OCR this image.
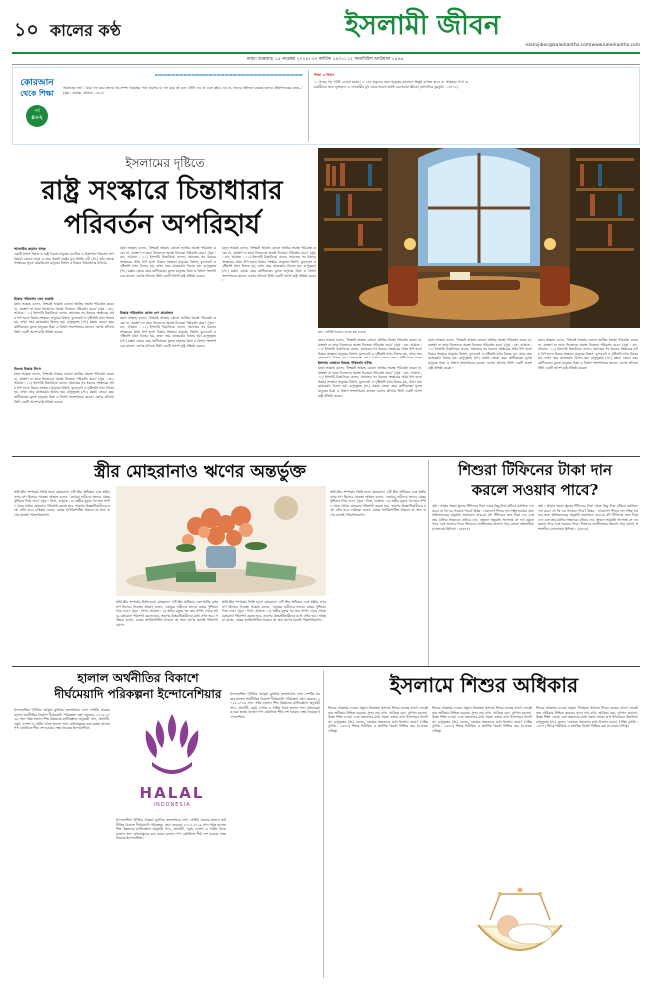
১০ কালের কণ্ঠ	ইসলামী জীবন
islamijibon@kalerkantho.com|www.kalerkantho.com
ঢাকা। শুক্রবার। ১৫ নভেম্বর ২০২৪। ৩০ কার্তিক ১৪৩১। ১২ জমাদিউল আউয়াল ১৪৪৬
কোরআন
থেকে শিক্ষা
পর্ব
৪০২
━━━━━━━━━━━━━━━━━━━━━━━━━━━━━━━━━━━━
আয়াতের অর্থ : 'যারা দান করে তাদের ধন-সম্পদ আল্লাহর পথে তারপর যা দান করে তা বলে খোঁটা দেয় না এবং কষ্টও দেয় না, তাদের প্রতিদান রয়েছে তাদের প্রতিপালকের কাছে...' (সুরা : বাকারা, আয়াত : ২৬২)
শিক্ষা ও বিধান
১. দানের পর খোঁটা দেওয়া হারাম। ২. দান কবুলের জন্য মানুষের মনোবল অক্ষুণ্ণ রাখতে হবে। ৩. আল্লাহর পথে ব্যয়কারীদের জন্য সুসংবাদ। ৪. দানকারীর মুখ থেকে ভালো কথাই বের হওয়া উচিত। (তাফসিরে কুরতুবি : ১/৪০২)
ইসলামের দৃষ্টিতে
রাষ্ট্র সংস্কারে চিন্তাধারার
পরিবর্তন অপরিহার্য
ছবি : প্রতীকী চিত্রিতে সংগ্রহ করা হয়েছে
আতাউর রহমান খসরু
একটি আদর্শ সমাজ ও রাষ্ট্র গড়তে মানুষের মানসিক ও চিন্তাগত পরিবর্তন অপরিহার্য। কেননা মানুষ ও তার চিন্তাই রাষ্ট্রের মূল ভিত্তি। নবী (সা.) তাঁর সমাজ সংস্কারের সূচনা করেছিলেন মানুষের বিশ্বাস ও চিন্তার পরিবর্তনের মাধ্যমে।
চিন্তার পরিবর্তন কেন জরুরি
মহান আল্লাহ বলেন, 'নিশ্চয়ই আল্লাহ কোনো জাতির অবস্থা পরিবর্তন করেন না, যতক্ষণ না তারা নিজেদের অবস্থা নিজেরা পরিবর্তন করে।' (সুরা : রাদ, আয়াত : ১১) ইসলামি চিন্তাবিদরা বলেন, সমাজের সব ধরনের সংস্কারের প্রথম ধাপ হলো চিন্তার সংস্কার। মানুষের বিশ্বাস, মূল্যবোধ ও দৃষ্টিভঙ্গি যখন বিশুদ্ধ হয়, তখন তার কাজকর্মও বিশুদ্ধ হয়। রাসুলুল্লাহ (সা.) মক্কায় তেরো বছর কাটিয়েছেন মূলত মানুষের চিন্তা ও বিশ্বাস সংশোধনের কাজে। এরপর মদিনায় তিনি একটি আদর্শ রাষ্ট্র প্রতিষ্ঠা করেন।
বিশুদ্ধ চিন্তার উৎস
মহান আল্লাহ বলেন, 'নিশ্চয়ই আল্লাহ কোনো জাতির অবস্থা পরিবর্তন করেন না, যতক্ষণ না তারা নিজেদের অবস্থা নিজেরা পরিবর্তন করে।' (সুরা : রাদ, আয়াত : ১১) ইসলামি চিন্তাবিদরা বলেন, সমাজের সব ধরনের সংস্কারের প্রথম ধাপ হলো চিন্তার সংস্কার। মানুষের বিশ্বাস, মূল্যবোধ ও দৃষ্টিভঙ্গি যখন বিশুদ্ধ হয়, তখন তার কাজকর্মও বিশুদ্ধ হয়। রাসুলুল্লাহ (সা.) মক্কায় তেরো বছর কাটিয়েছেন মূলত মানুষের চিন্তা ও বিশ্বাস সংশোধনের কাজে। এরপর মদিনায় তিনি একটি আদর্শ রাষ্ট্র প্রতিষ্ঠা করেন।
মহান আল্লাহ বলেন, 'নিশ্চয়ই আল্লাহ কোনো জাতির অবস্থা পরিবর্তন করেন না, যতক্ষণ না তারা নিজেদের অবস্থা নিজেরা পরিবর্তন করে।' (সুরা : রাদ, আয়াত : ১১) ইসলামি চিন্তাবিদরা বলেন, সমাজের সব ধরনের সংস্কারের প্রথম ধাপ হলো চিন্তার সংস্কার। মানুষের বিশ্বাস, মূল্যবোধ ও দৃষ্টিভঙ্গি যখন বিশুদ্ধ হয়, তখন তার কাজকর্মও বিশুদ্ধ হয়। রাসুলুল্লাহ (সা.) মক্কায় তেরো বছর কাটিয়েছেন মূলত মানুষের চিন্তা ও বিশ্বাস সংশোধনের কাজে। এরপর মদিনায় তিনি একটি আদর্শ রাষ্ট্র প্রতিষ্ঠা করেন।
চিন্তার পরিবর্তনে যেসব গুণ প্রয়োজন
মহান আল্লাহ বলেন, 'নিশ্চয়ই আল্লাহ কোনো জাতির অবস্থা পরিবর্তন করেন না, যতক্ষণ না তারা নিজেদের অবস্থা নিজেরা পরিবর্তন করে।' (সুরা : রাদ, আয়াত : ১১) ইসলামি চিন্তাবিদরা বলেন, সমাজের সব ধরনের সংস্কারের প্রথম ধাপ হলো চিন্তার সংস্কার। মানুষের বিশ্বাস, মূল্যবোধ ও দৃষ্টিভঙ্গি যখন বিশুদ্ধ হয়, তখন তার কাজকর্মও বিশুদ্ধ হয়। রাসুলুল্লাহ (সা.) মক্কায় তেরো বছর কাটিয়েছেন মূলত মানুষের চিন্তা ও বিশ্বাস সংশোধনের কাজে। এরপর মদিনায় তিনি একটি আদর্শ রাষ্ট্র প্রতিষ্ঠা করেন।
মহান আল্লাহ বলেন, 'নিশ্চয়ই আল্লাহ কোনো জাতির অবস্থা পরিবর্তন করেন না, যতক্ষণ না তারা নিজেদের অবস্থা নিজেরা পরিবর্তন করে।' (সুরা : রাদ, আয়াত : ১১) ইসলামি চিন্তাবিদরা বলেন, সমাজের সব ধরনের সংস্কারের প্রথম ধাপ হলো চিন্তার সংস্কার। মানুষের বিশ্বাস, মূল্যবোধ ও দৃষ্টিভঙ্গি যখন বিশুদ্ধ হয়, তখন তার কাজকর্মও বিশুদ্ধ হয়। রাসুলুল্লাহ (সা.) মক্কায় তেরো বছর কাটিয়েছেন মূলত মানুষের চিন্তা ও বিশ্বাস সংশোধনের কাজে। এরপর মদিনায় তিনি একটি আদর্শ রাষ্ট্র প্রতিষ্ঠা করেন।
মহান আল্লাহ বলেন, 'নিশ্চয়ই আল্লাহ কোনো জাতির অবস্থা পরিবর্তন করেন না, যতক্ষণ না তারা নিজেদের অবস্থা নিজেরা পরিবর্তন করে।' (সুরা : রাদ, আয়াত : ১১) ইসলামি চিন্তাবিদরা বলেন, সমাজের সব ধরনের সংস্কারের প্রথম ধাপ হলো চিন্তার সংস্কার। মানুষের বিশ্বাস, মূল্যবোধ ও দৃষ্টিভঙ্গি যখন বিশুদ্ধ হয়, তখন তার
ইসলাম যেভাবে চিন্তার পরিবর্তন ঘটায়
মহান আল্লাহ বলেন, 'নিশ্চয়ই আল্লাহ কোনো জাতির অবস্থা পরিবর্তন করেন না, যতক্ষণ না তারা নিজেদের অবস্থা নিজেরা পরিবর্তন করে।' (সুরা : রাদ, আয়াত : ১১) ইসলামি চিন্তাবিদরা বলেন, সমাজের সব ধরনের সংস্কারের প্রথম ধাপ হলো চিন্তার সংস্কার। মানুষের বিশ্বাস, মূল্যবোধ ও দৃষ্টিভঙ্গি যখন বিশুদ্ধ হয়, তখন তার কাজকর্মও বিশুদ্ধ হয়। রাসুলুল্লাহ (সা.) মক্কায় তেরো বছর কাটিয়েছেন মূলত মানুষের চিন্তা ও বিশ্বাস সংশোধনের কাজে। এরপর মদিনায় তিনি একটি আদর্শ রাষ্ট্র প্রতিষ্ঠা করেন।
মহান আল্লাহ বলেন, 'নিশ্চয়ই আল্লাহ কোনো জাতির অবস্থা পরিবর্তন করেন না, যতক্ষণ না তারা নিজেদের অবস্থা নিজেরা পরিবর্তন করে।' (সুরা : রাদ, আয়াত : ১১) ইসলামি চিন্তাবিদরা বলেন, সমাজের সব ধরনের সংস্কারের প্রথম ধাপ হলো চিন্তার সংস্কার। মানুষের বিশ্বাস, মূল্যবোধ ও দৃষ্টিভঙ্গি যখন বিশুদ্ধ হয়, তখন তার কাজকর্মও বিশুদ্ধ হয়। রাসুলুল্লাহ (সা.) মক্কায় তেরো বছর কাটিয়েছেন মূলত মানুষের চিন্তা ও বিশ্বাস সংশোধনের কাজে। এরপর মদিনায় তিনি একটি আদর্শ রাষ্ট্র প্রতিষ্ঠা করেন।
মহান আল্লাহ বলেন, 'নিশ্চয়ই আল্লাহ কোনো জাতির অবস্থা পরিবর্তন করেন না, যতক্ষণ না তারা নিজেদের অবস্থা নিজেরা পরিবর্তন করে।' (সুরা : রাদ, আয়াত : ১১) ইসলামি চিন্তাবিদরা বলেন, সমাজের সব ধরনের সংস্কারের প্রথম ধাপ হলো চিন্তার সংস্কার। মানুষের বিশ্বাস, মূল্যবোধ ও দৃষ্টিভঙ্গি যখন বিশুদ্ধ হয়, তখন তার কাজকর্মও বিশুদ্ধ হয়। রাসুলুল্লাহ (সা.) মক্কায় তেরো বছর কাটিয়েছেন মূলত মানুষের চিন্তা ও বিশ্বাস সংশোধনের কাজে। এরপর মদিনায় তিনি একটি আদর্শ রাষ্ট্র প্রতিষ্ঠা করেন।
স্ত্রীর মোহরানাও ঋণের অন্তর্ভুক্ত
স্বামী-স্ত্রীর সম্পর্কের ভিত্তি হলো মোহরানা। এটি স্ত্রীর অধিকার এবং স্বামীর ওপর ঋণ হিসেবে সাব্যস্ত। আল্লাহ বলেন, 'তোমরা নারীদের তাদের মোহর খুশিমনে দিয়ে দাও।' (সুরা : নিসা, আয়াত : ৪) স্বামীর মৃত্যুর পর তার সম্পদ থেকে প্রথমে মোহরানা পরিশোধ করতে হবে, তারপর উত্তরাধিকারীদের মধ্যে বণ্টন হবে। ফকিহরা বলেন, মোহর অপরিশোধিত থাকলে তা অন্য ঋণের মতোই পরিশোধযোগ্য।
স্বামী-স্ত্রীর সম্পর্কের ভিত্তি হলো মোহরানা। এটি স্ত্রীর অধিকার এবং স্বামীর ওপর ঋণ হিসেবে সাব্যস্ত। আল্লাহ বলেন, 'তোমরা নারীদের তাদের মোহর খুশিমনে দিয়ে দাও।' (সুরা : নিসা, আয়াত : ৪) স্বামীর মৃত্যুর পর তার সম্পদ থেকে প্রথমে মোহরানা পরিশোধ করতে হবে, তারপর উত্তরাধিকারীদের মধ্যে বণ্টন হবে। ফকিহরা বলেন, মোহর অপরিশোধিত থাকলে তা অন্য ঋণের মতোই পরিশোধযোগ্য।
স্বামী-স্ত্রীর সম্পর্কের ভিত্তি হলো মোহরানা। এটি স্ত্রীর অধিকার এবং স্বামীর ওপর ঋণ হিসেবে সাব্যস্ত। আল্লাহ বলেন, 'তোমরা নারীদের তাদের মোহর খুশিমনে দিয়ে দাও।' (সুরা : নিসা, আয়াত : ৪) স্বামীর মৃত্যুর পর তার সম্পদ থেকে প্রথমে মোহরানা পরিশোধ করতে হবে, তারপর উত্তরাধিকারীদের মধ্যে বণ্টন হবে। ফকিহরা বলেন, মোহর অপরিশোধিত থাকলে তা অন্য ঋণের মতোই পরিশোধযোগ্য।
স্বামী-স্ত্রীর সম্পর্কের ভিত্তি হলো মোহরানা। এটি স্ত্রীর অধিকার এবং স্বামীর ওপর ঋণ হিসেবে সাব্যস্ত। আল্লাহ বলেন, 'তোমরা নারীদের তাদের মোহর খুশিমনে দিয়ে দাও।' (সুরা : নিসা, আয়াত : ৪) স্বামীর মৃত্যুর পর তার সম্পদ থেকে প্রথমে মোহরানা পরিশোধ করতে হবে, তারপর উত্তরাধিকারীদের মধ্যে বণ্টন হবে। ফকিহরা বলেন, মোহর অপরিশোধিত থাকলে তা অন্য ঋণের মতোই পরিশোধযোগ্য।
শিশুরা টিফিনের টাকা দান
করলে সওয়াব পাবে?
প্রশ্ন : আমার সন্তান স্কুলের টিফিনের টাকা থেকে কিছু টাকা বাঁচিয়ে মসজিদে দান করে। সে কি এর সওয়াব পাবে? উত্তর : নাবালেগ শিশুর দান সহিহ হওয়ার জন্য অভিভাবকের অনুমতি প্রয়োজন। বাবা-মা যদি টিফিনের জন্য টাকা দেন এবং তার মালিক সন্তানকে বানিয়ে দেন, তাহলে অনুমতি সাপেক্ষে সে দান করতে পারে এবং সওয়াব পাবে। শিশুদের দানশীলতার অভ্যাস গড়ে তোলা প্রশংসনীয়। (ফাতাওয়া হিন্দিয়া : ৪/৩৭৪)
প্রশ্ন : আমার সন্তান স্কুলের টিফিনের টাকা থেকে কিছু টাকা বাঁচিয়ে মসজিদে দান করে। সে কি এর সওয়াব পাবে? উত্তর : নাবালেগ শিশুর দান সহিহ হওয়ার জন্য অভিভাবকের অনুমতি প্রয়োজন। বাবা-মা যদি টিফিনের জন্য টাকা দেন এবং তার মালিক সন্তানকে বানিয়ে দেন, তাহলে অনুমতি সাপেক্ষে সে দান করতে পারে এবং সওয়াব পাবে। শিশুদের দানশীলতার অভ্যাস গড়ে তোলা প্রশংসনীয়। (ফাতাওয়া হিন্দিয়া : ৪/৩৭৪)
হালাল অর্থনীতির বিকাশে
দীর্ঘমেয়াদি পরিকল্পনা ইন্দোনেশিয়ার
ইন্দোনেশিয়া পৃথিবীর সর্ববৃহৎ মুসলিম জনসংখ্যার দেশ। দেশটির সরকার হালাল অর্থনীতির বিকাশে দীর্ঘমেয়াদি পরিকল্পনা গ্রহণ করেছে। ২০২৫-২০২৯ সাল পর্যন্ত হালাল শিল্প উন্নয়নের মাস্টারপ্ল্যান অনুযায়ী খাদ্য, প্রসাধনী, ওষুধ, ফ্যাশন ও পর্যটন খাতে হালাল সনদ বাধ্যতামূলক করা হচ্ছে। হালাল পণ্য রপ্তানিতে শীর্ষ দেশ হওয়ার লক্ষ্য নিয়েছে ইন্দোনেশিয়া।
HALAL
INDONESIA
ইন্দোনেশিয়া পৃথিবীর সর্ববৃহৎ মুসলিম জনসংখ্যার দেশ। দেশটির সরকার হালাল অর্থনীতির বিকাশে দীর্ঘমেয়াদি পরিকল্পনা গ্রহণ করেছে। ২০২৫-২০২৯ সাল পর্যন্ত হালাল শিল্প উন্নয়নের মাস্টারপ্ল্যান অনুযায়ী খাদ্য, প্রসাধনী, ওষুধ, ফ্যাশন ও পর্যটন খাতে হালাল সনদ বাধ্যতামূলক করা হচ্ছে। হালাল পণ্য রপ্তানিতে শীর্ষ দেশ হওয়ার লক্ষ্য নিয়েছে ইন্দোনেশিয়া।
ইন্দোনেশিয়া পৃথিবীর সর্ববৃহৎ মুসলিম জনসংখ্যার দেশ। দেশটির সরকার হালাল অর্থনীতির বিকাশে দীর্ঘমেয়াদি পরিকল্পনা গ্রহণ করেছে। ২০২৫-২০২৯ সাল পর্যন্ত হালাল শিল্প উন্নয়নের মাস্টারপ্ল্যান অনুযায়ী খাদ্য, প্রসাধনী, ওষুধ, ফ্যাশন ও পর্যটন খাতে হালাল সনদ বাধ্যতামূলক করা হচ্ছে। হালাল পণ্য রপ্তানিতে শীর্ষ দেশ হওয়ার লক্ষ্য নিয়েছে ইন্দোনেশিয়া।
ইসলামে শিশুর অধিকার
শিশুরা আল্লাহর দেওয়া অমূল্য নিয়ামত। ইসলাম শিশুর জন্মের আগে থেকেই তার অধিকার নিশ্চিত করেছে। সুন্দর নাম রাখা, আকিকা করা, দুধপান করানো, উত্তম শিক্ষা দেওয়া এবং সন্তানদের মধ্যে সমতা বজায় রাখা ইসলামের নির্দেশনা। রাসুলুল্লাহ (সা.) বলেন, 'তোমরা সন্তানদের মধ্যে ইনসাফ করো।' (সহিহ বুখারি : ২৫৮৭) শিশুর শারীরিক ও মানসিক বিকাশ নিশ্চিত করা মা-বাবার দায়িত্ব।
শিশুরা আল্লাহর দেওয়া অমূল্য নিয়ামত। ইসলাম শিশুর জন্মের আগে থেকেই তার অধিকার নিশ্চিত করেছে। সুন্দর নাম রাখা, আকিকা করা, দুধপান করানো, উত্তম শিক্ষা দেওয়া এবং সন্তানদের মধ্যে সমতা বজায় রাখা ইসলামের নির্দেশনা। রাসুলুল্লাহ (সা.) বলেন, 'তোমরা সন্তানদের মধ্যে ইনসাফ করো।' (সহিহ বুখারি : ২৫৮৭) শিশুর শারীরিক ও মানসিক বিকাশ নিশ্চিত করা মা-বাবার দায়িত্ব।
শিশুরা আল্লাহর দেওয়া অমূল্য নিয়ামত। ইসলাম শিশুর জন্মের আগে থেকেই তার অধিকার নিশ্চিত করেছে। সুন্দর নাম রাখা, আকিকা করা, দুধপান করানো, উত্তম শিক্ষা দেওয়া এবং সন্তানদের মধ্যে সমতা বজায় রাখা ইসলামের নির্দেশনা। রাসুলুল্লাহ (সা.) বলেন, 'তোমরা সন্তানদের মধ্যে ইনসাফ করো।' (সহিহ বুখারি : ২৫৮৭) শিশুর শারীরিক ও মানসিক বিকাশ নিশ্চিত করা মা-বাবার দায়িত্ব।
